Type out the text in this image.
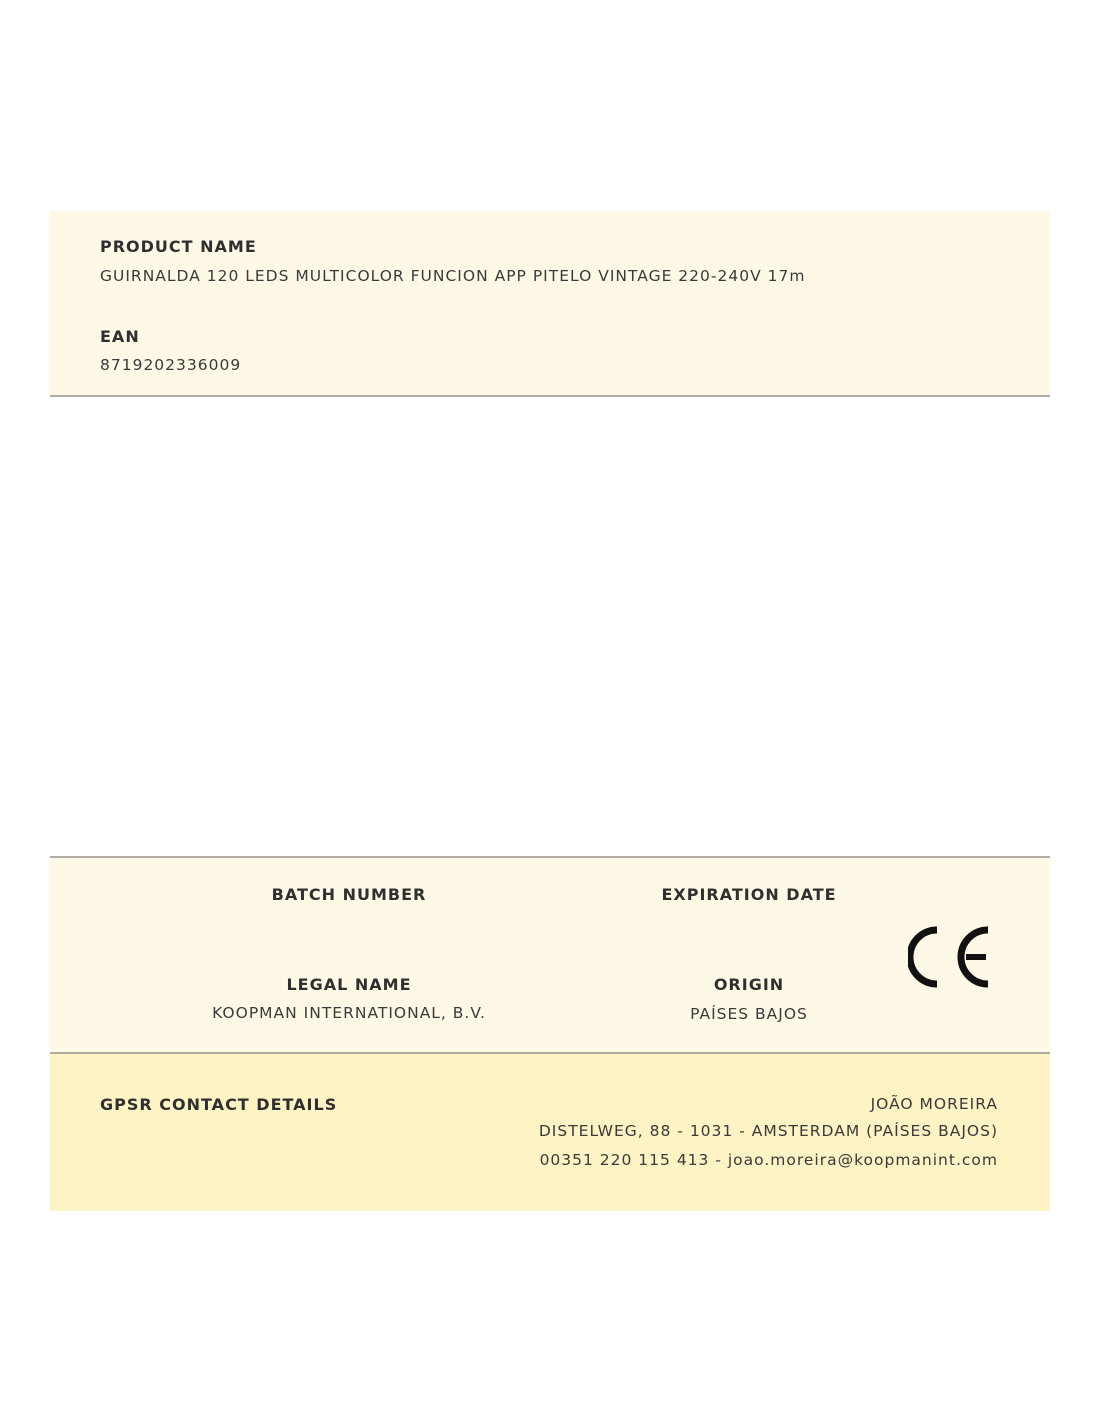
PRODUCT NAME
GUIRNALDA 120 LEDS MULTICOLOR FUNCION APP PITELO VINTAGE 220-240V 17m
EAN
8719202336009
BATCH NUMBER	EXPIRATION DATE
LEGAL NAME
KOOPMAN INTERNATIONAL, B.V.
ORIGIN
PAÍSES BAJOS
GPSR CONTACT DETAILS	JOÃO MOREIRA
DISTELWEG, 88 - 1031 - AMSTERDAM (PAÍSES BAJOS)
00351 220 115 413 - joao.moreira@koopmanint.com
